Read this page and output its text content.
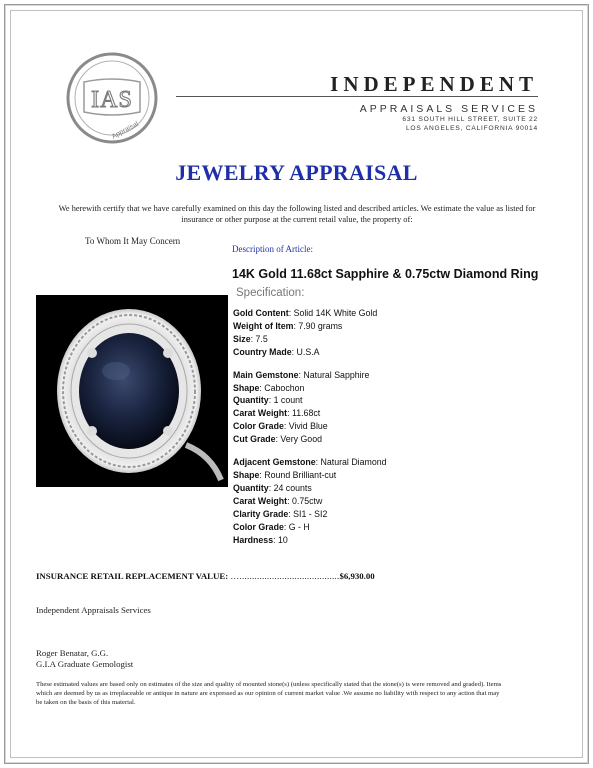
IAS
Appraisal
INDEPENDENT
APPRAISALS SERVICES
631 SOUTH HILL STREET, SUITE 22
LOS ANGELES, CALIFORNIA 90014
JEWELRY APPRAISAL
We herewith certify that we have carefully examined on this day the following listed and described articles. We estimate the value as listed for insurance or other purpose at the current retail value, the property of:
To Whom It May Concern
Description of Article:
14K Gold 11.68ct Sapphire & 0.75ctw Diamond Ring
Specification:
Gold Content: Solid 14K White Gold
Weight of Item: 7.90 grams
Size: 7.5
Country Made: U.S.A
Main Gemstone: Natural Sapphire
Shape: Cabochon
Quantity: 1 count
Carat Weight: 11.68ct
Color Grade: Vivid Blue
Cut Grade: Very Good
Adjacent Gemstone: Natural Diamond
Shape: Round Brilliant-cut
Quantity: 24 counts
Carat Weight: 0.75ctw
Clarity Grade: SI1 - SI2
Color Grade: G - H
Hardness: 10
INSURANCE RETAIL REPLACEMENT VALUE: …........................................$6,930.00
Independent Appraisals Services
Roger Benatar, G.G.
G.I.A Graduate Gemologist
These estimated values are based only on estimates of the size and quality of mounted stone(s) (unless specifically stated that the stone(s) is were removed and graded). Items which are deemed by us as irreplaceable or antique in nature are expressed as our opinion of current market value .We assume no liability with respect to any action that may be taken on the basis of this material.
